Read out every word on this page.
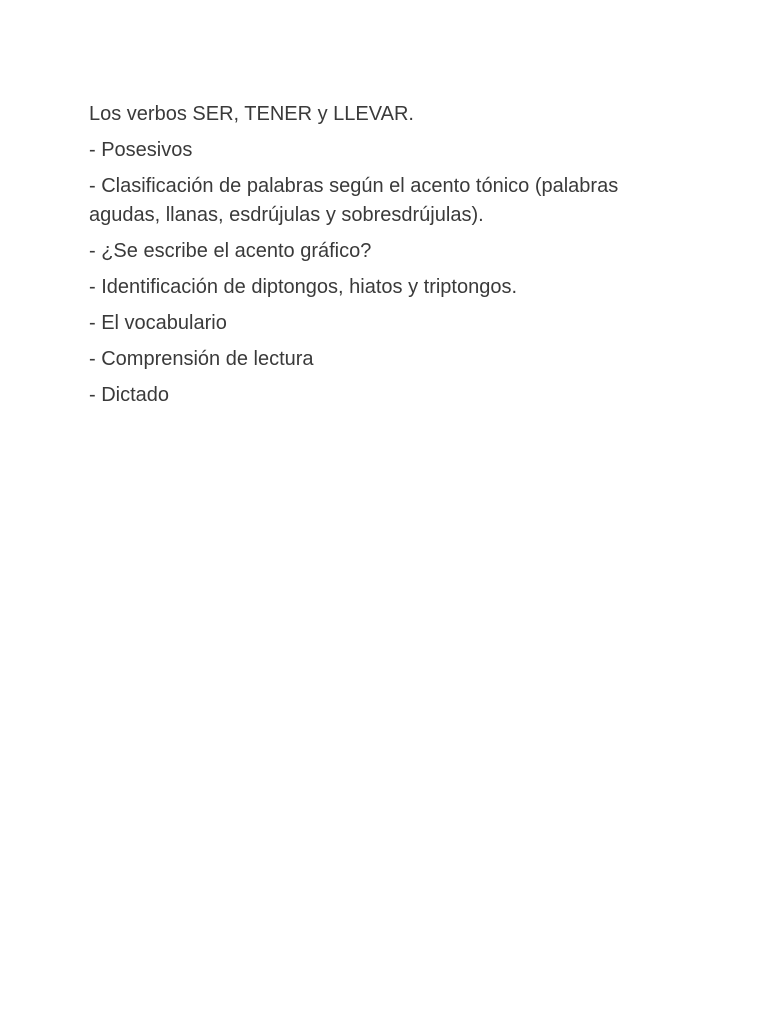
Los verbos SER, TENER y LLEVAR.

- Posesivos

- Clasificación de palabras según el acento tónico (palabras agudas, llanas, esdrújulas y sobresdrújulas).

- ¿Se escribe el acento gráfico?

- Identificación de diptongos, hiatos y triptongos.

- El vocabulario

- Comprensión de lectura

- Dictado
